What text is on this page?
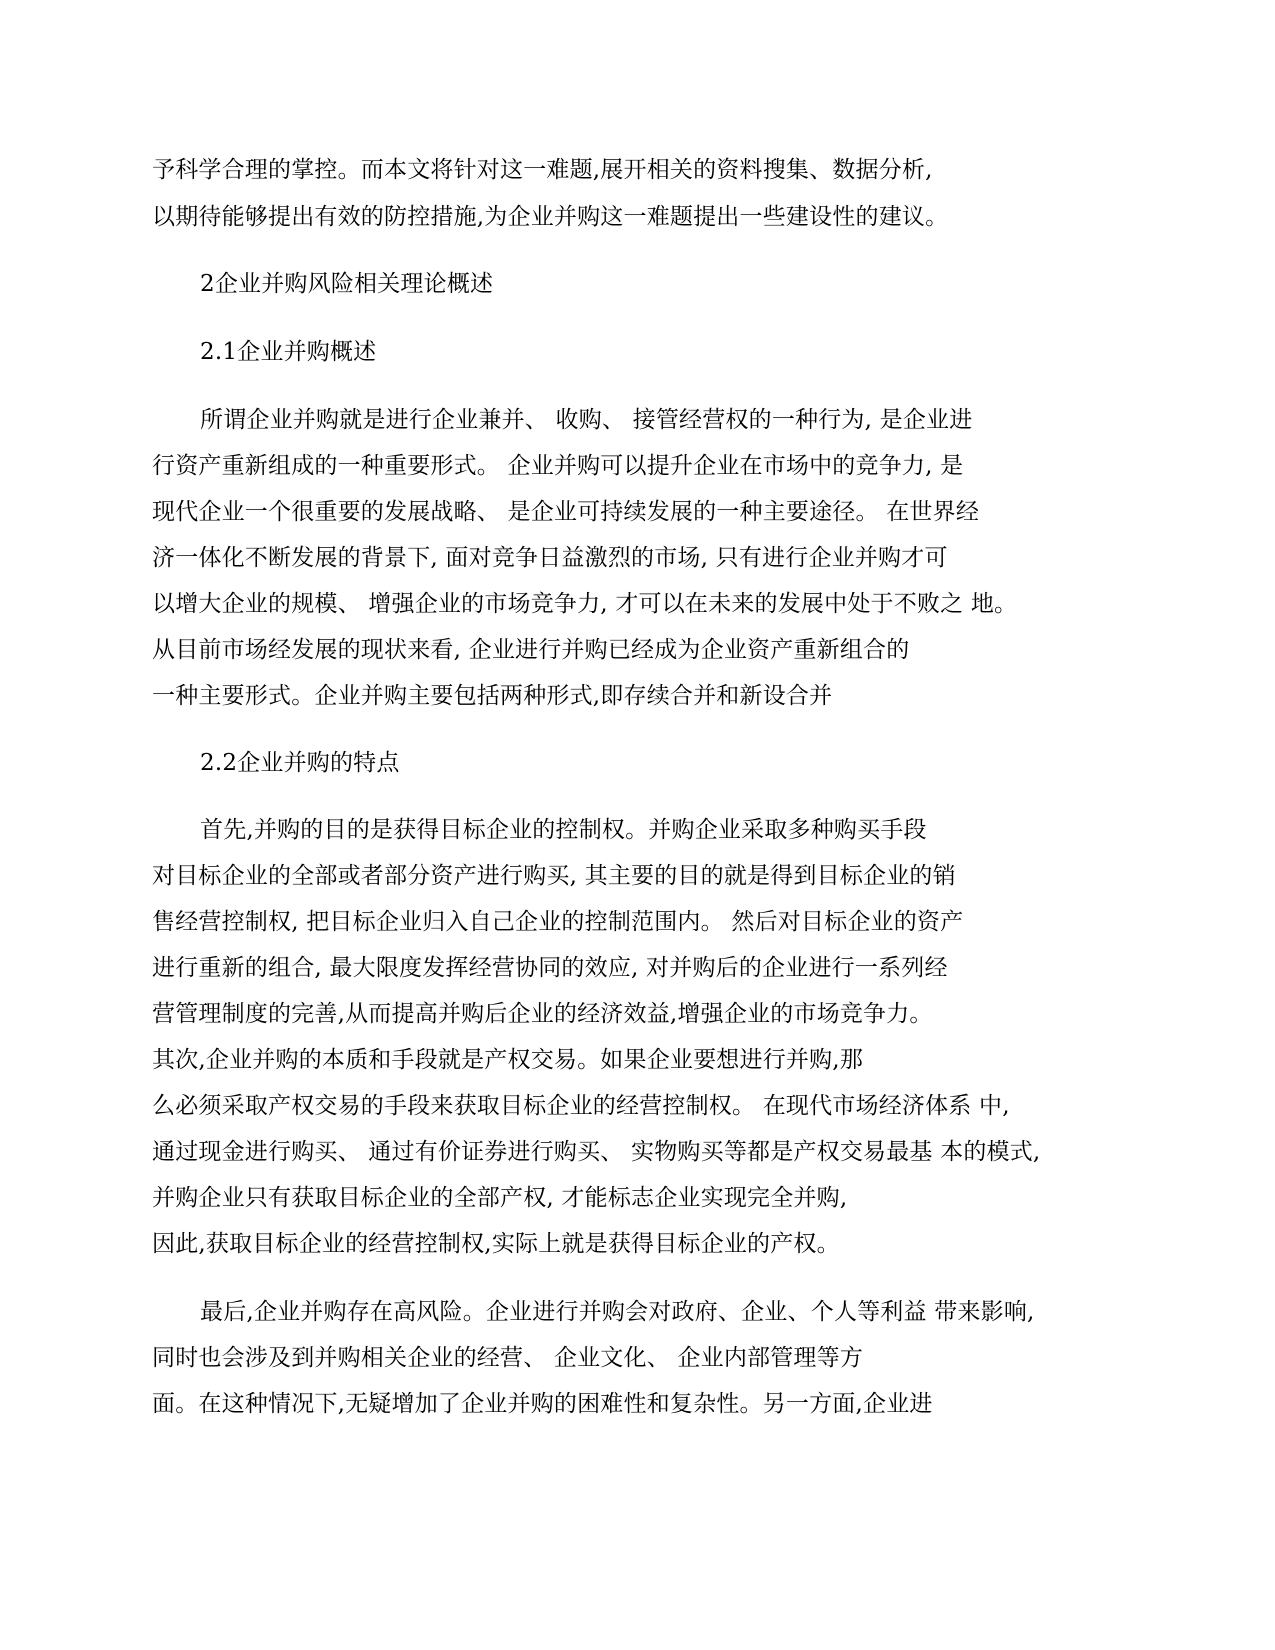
予科学合理的掌控。而本文将针对这一难题,展开相关的资料搜集、数据分析,
以期待能够提出有效的防控措施,为企业并购这一难题提出一些建设性的建议。
2企业并购风险相关理论概述
2.1企业并购概述
所谓企业并购就是进行企业兼并、 收购、 接管经营权的一种行为, 是企业进
行资产重新组成的一种重要形式。 企业并购可以提升企业在市场中的竞争力, 是
现代企业一个很重要的发展战略、 是企业可持续发展的一种主要途径。 在世界经
济一体化不断发展的背景下, 面对竞争日益激烈的市场, 只有进行企业并购才可
以增大企业的规模、 增强企业的市场竞争力, 才可以在未来的发展中处于不败之 地。
从目前市场经发展的现状来看, 企业进行并购已经成为企业资产重新组合的
一种主要形式。企业并购主要包括两种形式,即存续合并和新设合并
2.2企业并购的特点
首先,并购的目的是获得目标企业的控制权。并购企业采取多种购买手段
对目标企业的全部或者部分资产进行购买, 其主要的目的就是得到目标企业的销
售经营控制权, 把目标企业归入自己企业的控制范围内。 然后对目标企业的资产
进行重新的组合, 最大限度发挥经营协同的效应, 对并购后的企业进行一系列经
营管理制度的完善,从而提高并购后企业的经济效益,增强企业的市场竞争力。
其次,企业并购的本质和手段就是产权交易。如果企业要想进行并购,那
么必须采取产权交易的手段来获取目标企业的经营控制权。 在现代市场经济体系 中,
通过现金进行购买、 通过有价证券进行购买、 实物购买等都是产权交易最基 本的模式,
并购企业只有获取目标企业的全部产权, 才能标志企业实现完全并购,
因此,获取目标企业的经营控制权,实际上就是获得目标企业的产权。
最后,企业并购存在高风险。企业进行并购会对政府、企业、个人等利益 带来影响,
同时也会涉及到并购相关企业的经营、 企业文化、 企业内部管理等方
面。在这种情况下,无疑增加了企业并购的困难性和复杂性。另一方面,企业进
